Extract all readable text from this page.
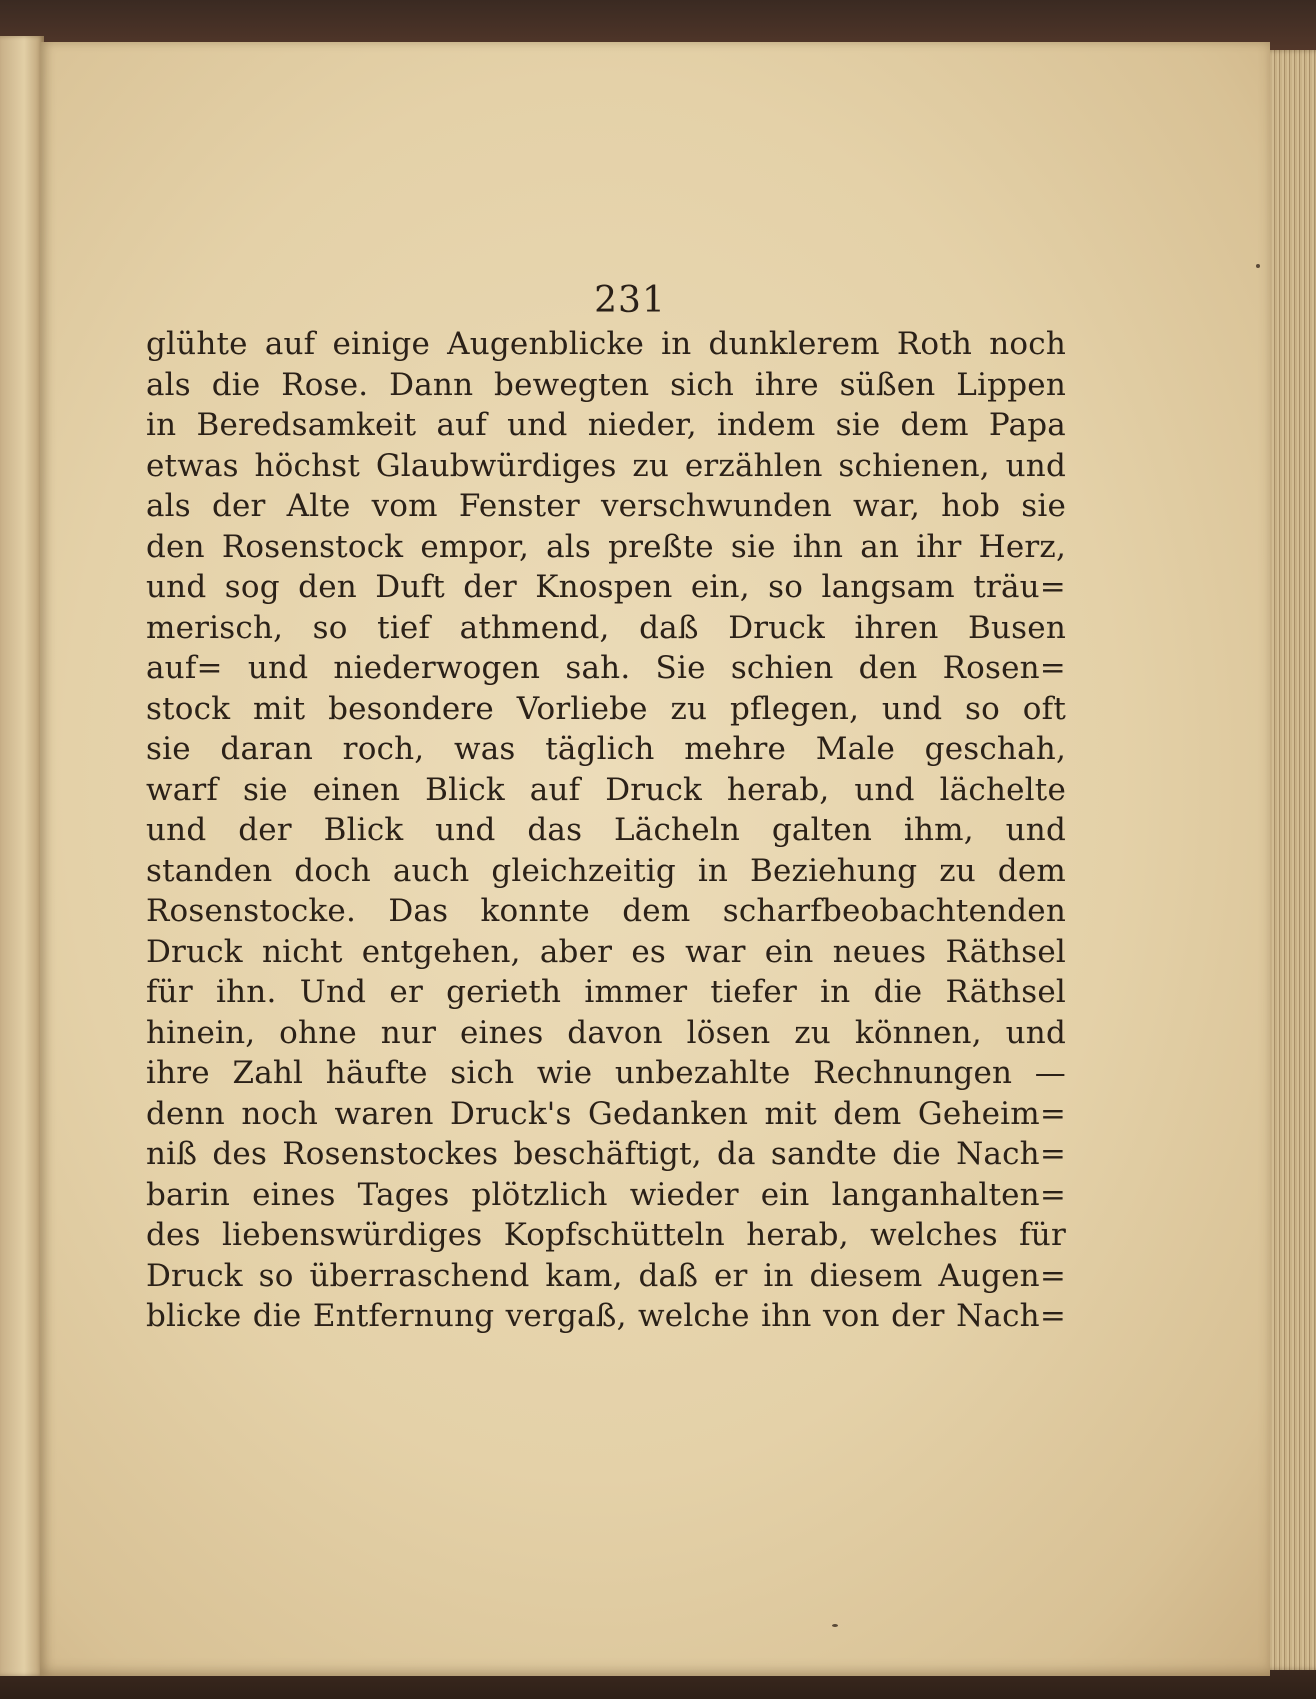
231

glühte auf einige Augenblicke in dunklerem Roth noch
als die Rose. Dann bewegten sich ihre süßen Lippen
in Beredsamkeit auf und nieder, indem sie dem Papa
etwas höchst Glaubwürdiges zu erzählen schienen, und
als der Alte vom Fenster verschwunden war, hob sie
den Rosenstock empor, als preßte sie ihn an ihr Herz,
und sog den Duft der Knospen ein, so langsam träu=
merisch, so tief athmend, daß Druck ihren Busen
auf= und niederwogen sah. Sie schien den Rosen=
stock mit besondere Vorliebe zu pflegen, und so oft
sie daran roch, was täglich mehre Male geschah,
warf sie einen Blick auf Druck herab, und lächelte
und der Blick und das Lächeln galten ihm, und
standen doch auch gleichzeitig in Beziehung zu dem
Rosenstocke. Das konnte dem scharfbeobachtenden
Druck nicht entgehen, aber es war ein neues Räthsel
für ihn. Und er gerieth immer tiefer in die Räthsel
hinein, ohne nur eines davon lösen zu können, und
ihre Zahl häufte sich wie unbezahlte Rechnungen —
denn noch waren Druck's Gedanken mit dem Geheim=
niß des Rosenstockes beschäftigt, da sandte die Nach=
barin eines Tages plötzlich wieder ein langanhalten=
des liebenswürdiges Kopfschütteln herab, welches für
Druck so überraschend kam, daß er in diesem Augen=
blicke die Entfernung vergaß, welche ihn von der Nach=
